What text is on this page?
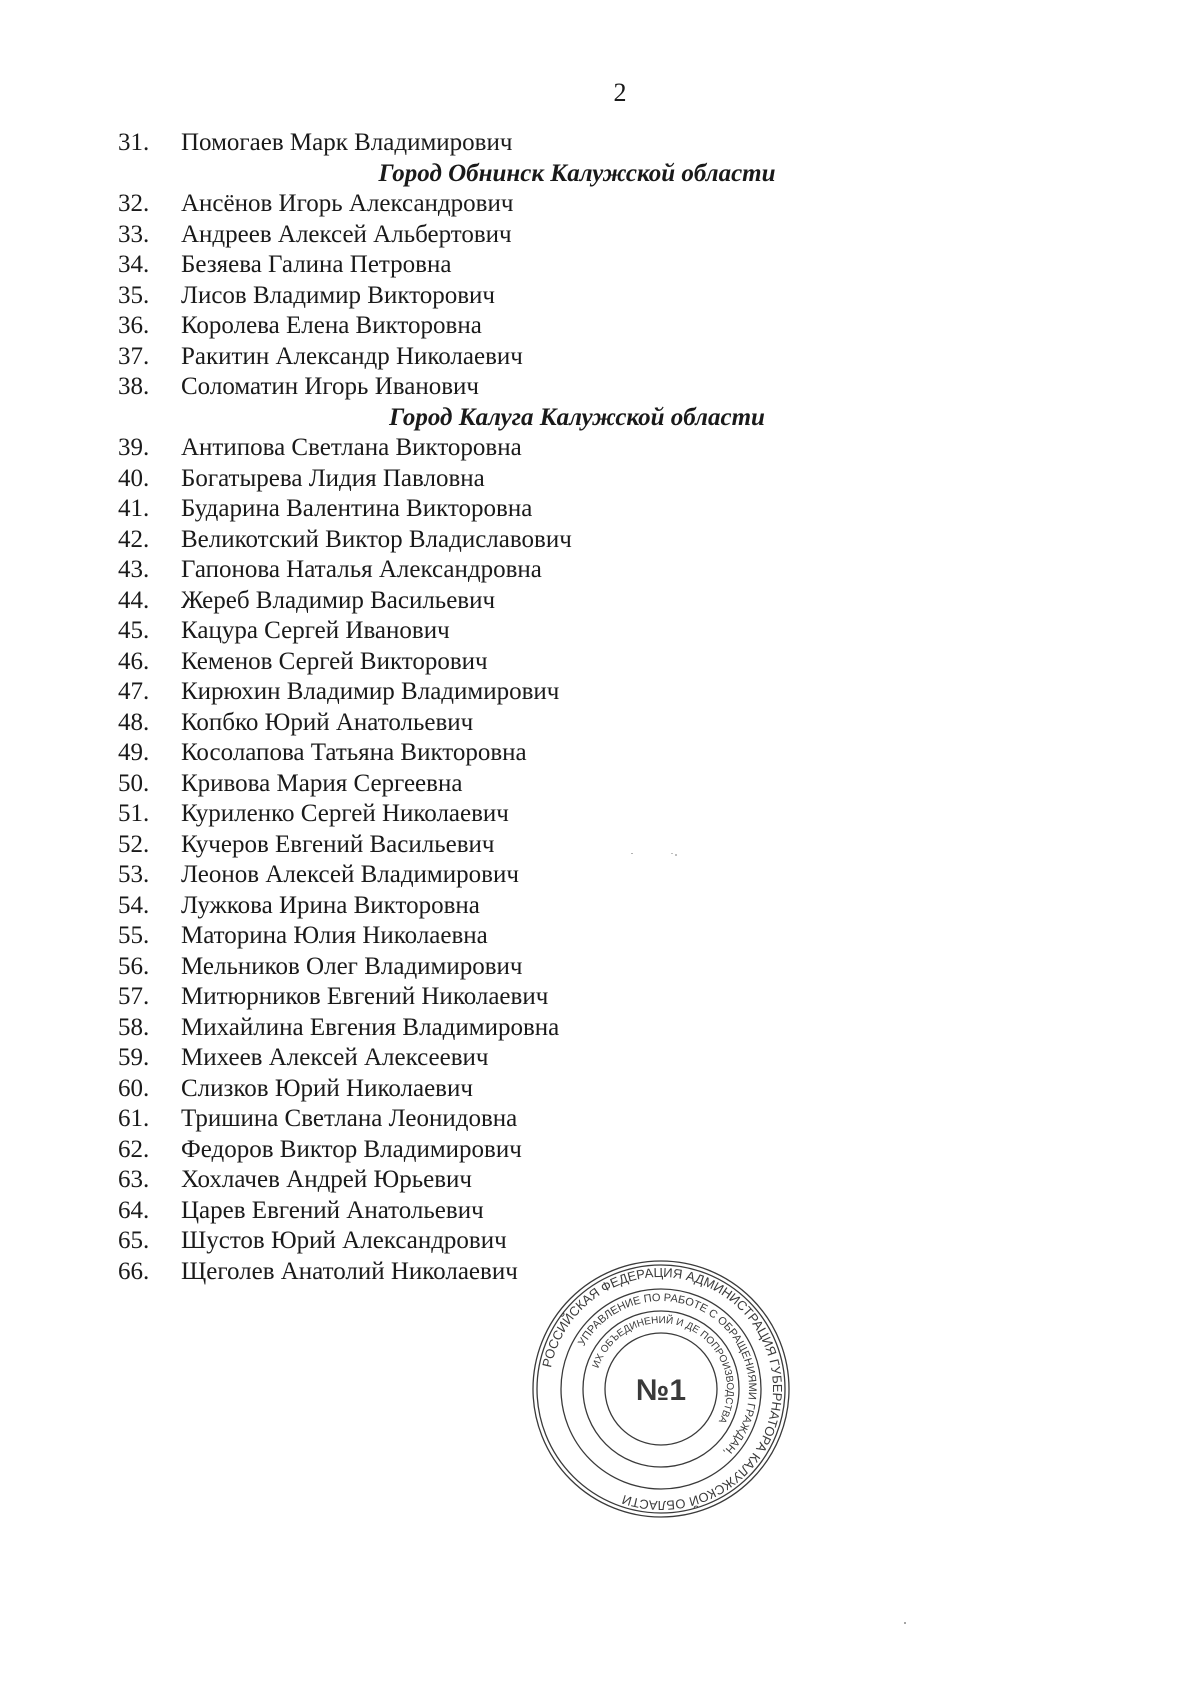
2
31. Помогаев Марк Владимирович
Город Обнинск Калужской области
32. Ансёнов Игорь Александрович
33. Андреев Алексей Альбертович
34. Безяева Галина Петровна
35. Лисов Владимир Викторович
36. Королева Елена Викторовна
37. Ракитин Александр Николаевич
38. Соломатин Игорь Иванович
Город Калуга Калужской области
39. Антипова Светлана Викторовна
40. Богатырева Лидия Павловна
41. Бударина Валентина Викторовна
42. Великотский Виктор Владиславович
43. Гапонова Наталья Александровна
44. Жереб Владимир Васильевич
45. Кацура Сергей Иванович
46. Кеменов Сергей Викторович
47. Кирюхин Владимир Владимирович
48. Копбко Юрий Анатольевич
49. Косолапова Татьяна Викторовна
50. Кривова Мария Сергеевна
51. Куриленко Сергей Николаевич
52. Кучеров Евгений Васильевич
53. Леонов Алексей Владимирович
54. Лужкова Ирина Викторовна
55. Маторина Юлия Николаевна
56. Мельников Олег Владимирович
57. Митюрников Евгений Николаевич
58. Михайлина Евгения Владимировна
59. Михеев Алексей Алексеевич
60. Слизков Юрий Николаевич
61. Тришина Светлана Леонидовна
62. Федоров Виктор Владимирович
63. Хохлачев Андрей Юрьевич
64. Царев Евгений Анатольевич
65. Шустов Юрий Александрович
66. Щеголев Анатолий Николаевич
РОССИЙСКАЯ ФЕДЕРАЦИЯ АДМИНИСТРАЦИЯ ГУБЕРНАТОРА КАЛУЖСКОЙ ОБЛАСТИ
УПРАВЛЕНИЕ ПО РАБОТЕ С ОБРАЩЕНИЯМИ ГРАЖДАН,
ИХ ОБЪЕДИНЕНИЙ И ДЕ ПОПРОИЗВОДСТВА
№1
